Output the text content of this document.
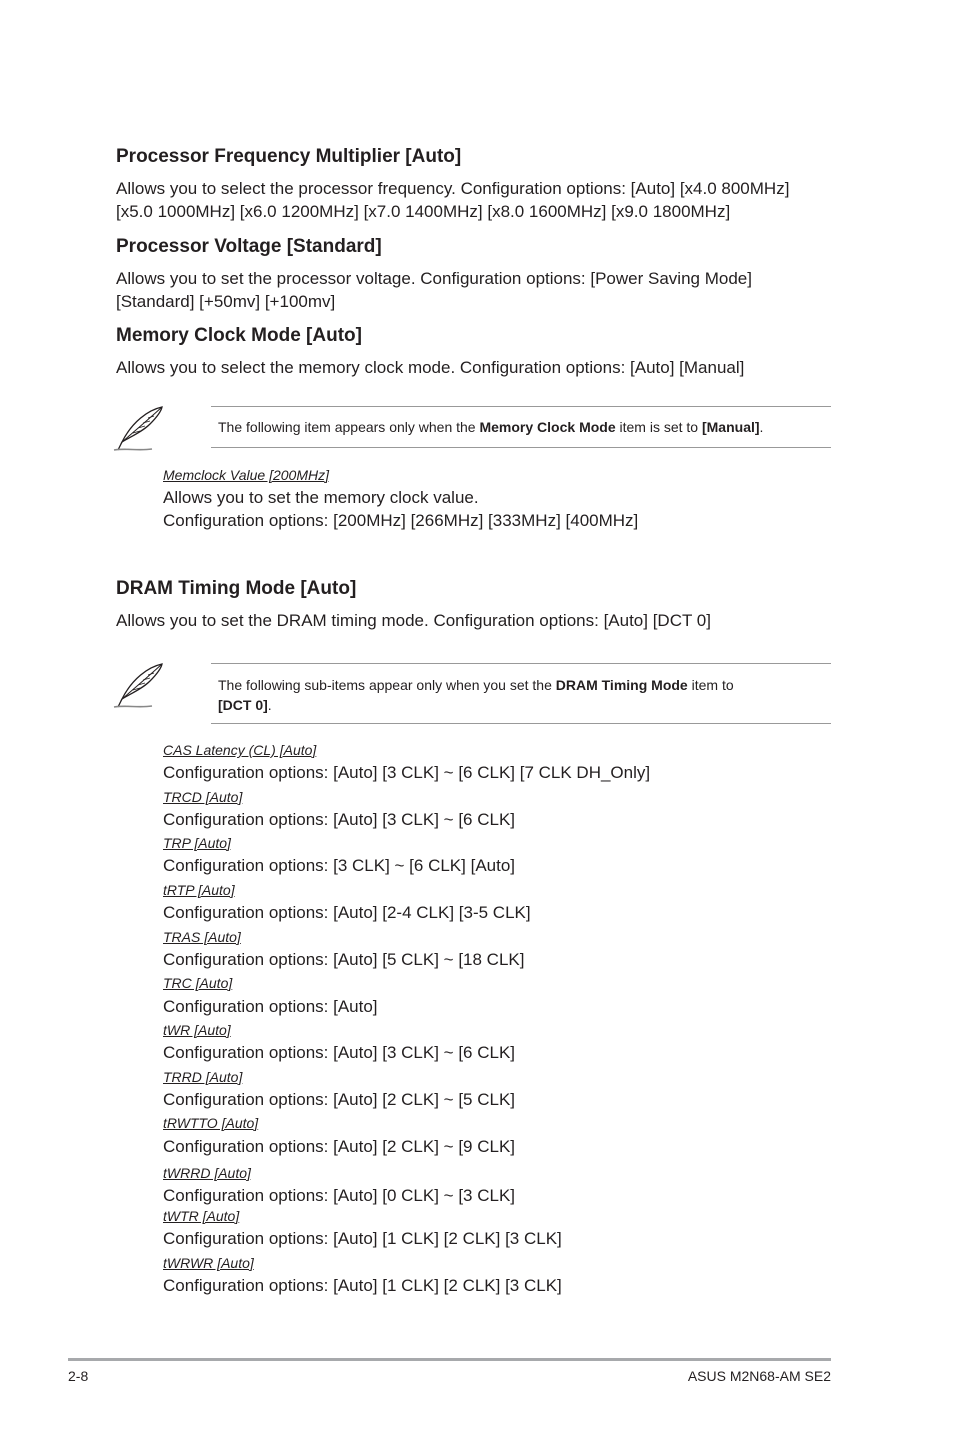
Processor Frequency Multiplier [Auto]
Allows you to select the processor frequency. Configuration options: [Auto] [x4.0 800MHz]
[x5.0 1000MHz] [x6.0 1200MHz] [x7.0 1400MHz] [x8.0 1600MHz] [x9.0 1800MHz]
Processor Voltage [Standard]
Allows you to set the processor voltage. Configuration options: [Power Saving Mode]
[Standard] [+50mv] [+100mv]
Memory Clock Mode [Auto]
Allows you to select the memory clock mode. Configuration options: [Auto] [Manual]
The following item appears only when the Memory Clock Mode item is set to [Manual].
Memclock Value [200MHz]
Allows you to set the memory clock value.
Configuration options: [200MHz] [266MHz] [333MHz] [400MHz]
DRAM Timing Mode [Auto]
Allows you to set the DRAM timing mode. Configuration options: [Auto] [DCT 0]
The following sub-items appear only when you set the DRAM Timing Mode item to
[DCT 0].
CAS Latency (CL) [Auto]
Configuration options: [Auto] [3 CLK] ~ [6 CLK] [7 CLK DH_Only]
TRCD [Auto]
Configuration options: [Auto] [3 CLK] ~ [6 CLK]
TRP [Auto]
Configuration options: [3 CLK] ~ [6 CLK] [Auto]
tRTP [Auto]
Configuration options: [Auto] [2-4 CLK] [3-5 CLK]
TRAS [Auto]
Configuration options: [Auto] [5 CLK] ~ [18 CLK]
TRC [Auto]
Configuration options: [Auto]
tWR [Auto]
Configuration options: [Auto] [3 CLK] ~ [6 CLK]
TRRD [Auto]
Configuration options: [Auto] [2 CLK] ~ [5 CLK]
tRWTTO [Auto]
Configuration options: [Auto] [2 CLK] ~ [9 CLK]
tWRRD [Auto]
Configuration options: [Auto] [0 CLK] ~ [3 CLK]
tWTR [Auto]
Configuration options: [Auto] [1 CLK] [2 CLK] [3 CLK]
tWRWR [Auto]
Configuration options: [Auto] [1 CLK] [2 CLK] [3 CLK]
2-8	ASUS M2N68-AM SE2
